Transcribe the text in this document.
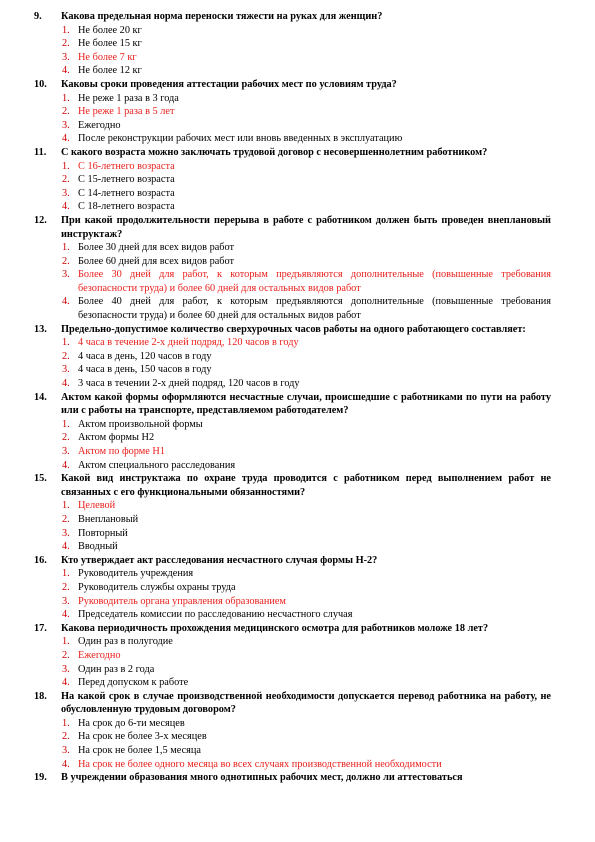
9. Какова предельная норма переноски тяжести на руках для женщин?
1. Не более 20 кг
2. Не более 15 кг
3. Не более 7 кг
4. Не более 12 кг
10. Каковы сроки проведения аттестации рабочих мест по условиям труда?
1. Не реже 1 раза в 3 года
2. Не реже 1 раза в 5 лет
3. Ежегодно
4. После реконструкции рабочих мест или вновь введенных в эксплуатацию
11. С какого возраста можно заключать трудовой договор с несовершеннолетним работником?
1. С 16-летнего возраста
2. С 15-летнего возраста
3. С 14-летнего возраста
4. С 18-летнего возраста
12. При какой продолжительности перерыва в работе с работником должен быть проведен внеплановый инструктаж?
1. Более 30 дней для всех видов работ
2. Более 60 дней для всех видов работ
3. Более 30 дней для работ, к которым предъявляются дополнительные (повышенные требования безопасности труда) и более 60 дней для остальных видов работ
4. Более 40 дней для работ, к которым предъявляются дополнительные (повышенные требования безопасности труда) и более 60 дней для остальных видов работ
13. Предельно-допустимое количество сверхурочных часов работы на одного работающего составляет:
1. 4 часа в течение 2-х дней подряд, 120 часов в году
2. 4 часа в день, 120 часов в году
3. 4 часа в день, 150 часов в году
4. 3 часа в течении 2-х дней подряд, 120 часов в году
14. Актом какой формы оформляются несчастные случаи, происшедшие с работниками по пути на работу или с работы на транспорте, представляемом работодателем?
1. Актом произвольной формы
2. Актом формы Н2
3. Актом по форме Н1
4. Актом специального расследования
15. Какой вид инструктажа по охране труда проводится с работником перед выполнением работ не связанных с его функциональными обязанностями?
1. Целевой
2. Внеплановый
3. Повторный
4. Вводный
16. Кто утверждает акт расследования несчастного случая формы Н-2?
1. Руководитель учреждения
2. Руководитель службы охраны труда
3. Руководитель органа управления образованием
4. Председатель комиссии по расследованию несчастного случая
17. Какова периодичность прохождения медицинского осмотра для работников моложе 18 лет?
1. Один раз в полугодие
2. Ежегодно
3. Один раз в 2 года
4. Перед допуском к работе
18. На какой срок в случае производственной необходимости допускается перевод работника на работу, не обусловленную трудовым договором?
1. На срок до 6-ти месяцев
2. На срок не более 3-х месяцев
3. На срок не более 1,5 месяца
4. На срок не более одного месяца во всех случаях производственной необходимости
19. В учреждении образования много однотипных рабочих мест, должно ли аттестоваться
